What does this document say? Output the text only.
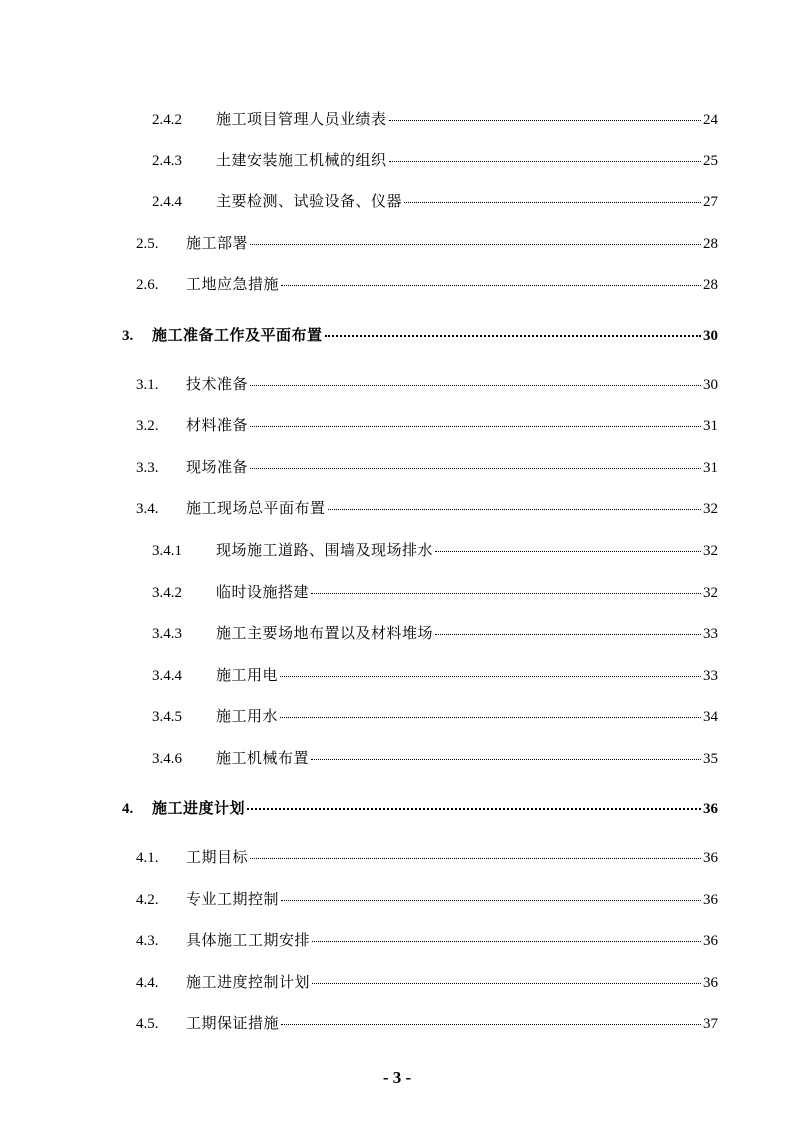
2.4.2	施工项目管理人员业绩表	24
2.4.3	土建安装施工机械的组织	25
2.4.4	主要检测、试验设备、仪器	27
2.5.	施工部署	28
2.6.	工地应急措施	28
3.	施工准备工作及平面布置	30
3.1.	技术准备	30
3.2.	材料准备	31
3.3.	现场准备	31
3.4.	施工现场总平面布置	32
3.4.1	现场施工道路、围墙及现场排水	32
3.4.2	临时设施搭建	32
3.4.3	施工主要场地布置以及材料堆场	33
3.4.4	施工用电	33
3.4.5	施工用水	34
3.4.6	施工机械布置	35
4.	施工进度计划	36
4.1.	工期目标	36
4.2.	专业工期控制	36
4.3.	具体施工工期安排	36
4.4.	施工进度控制计划	36
4.5.	工期保证措施	37
- 3 -
